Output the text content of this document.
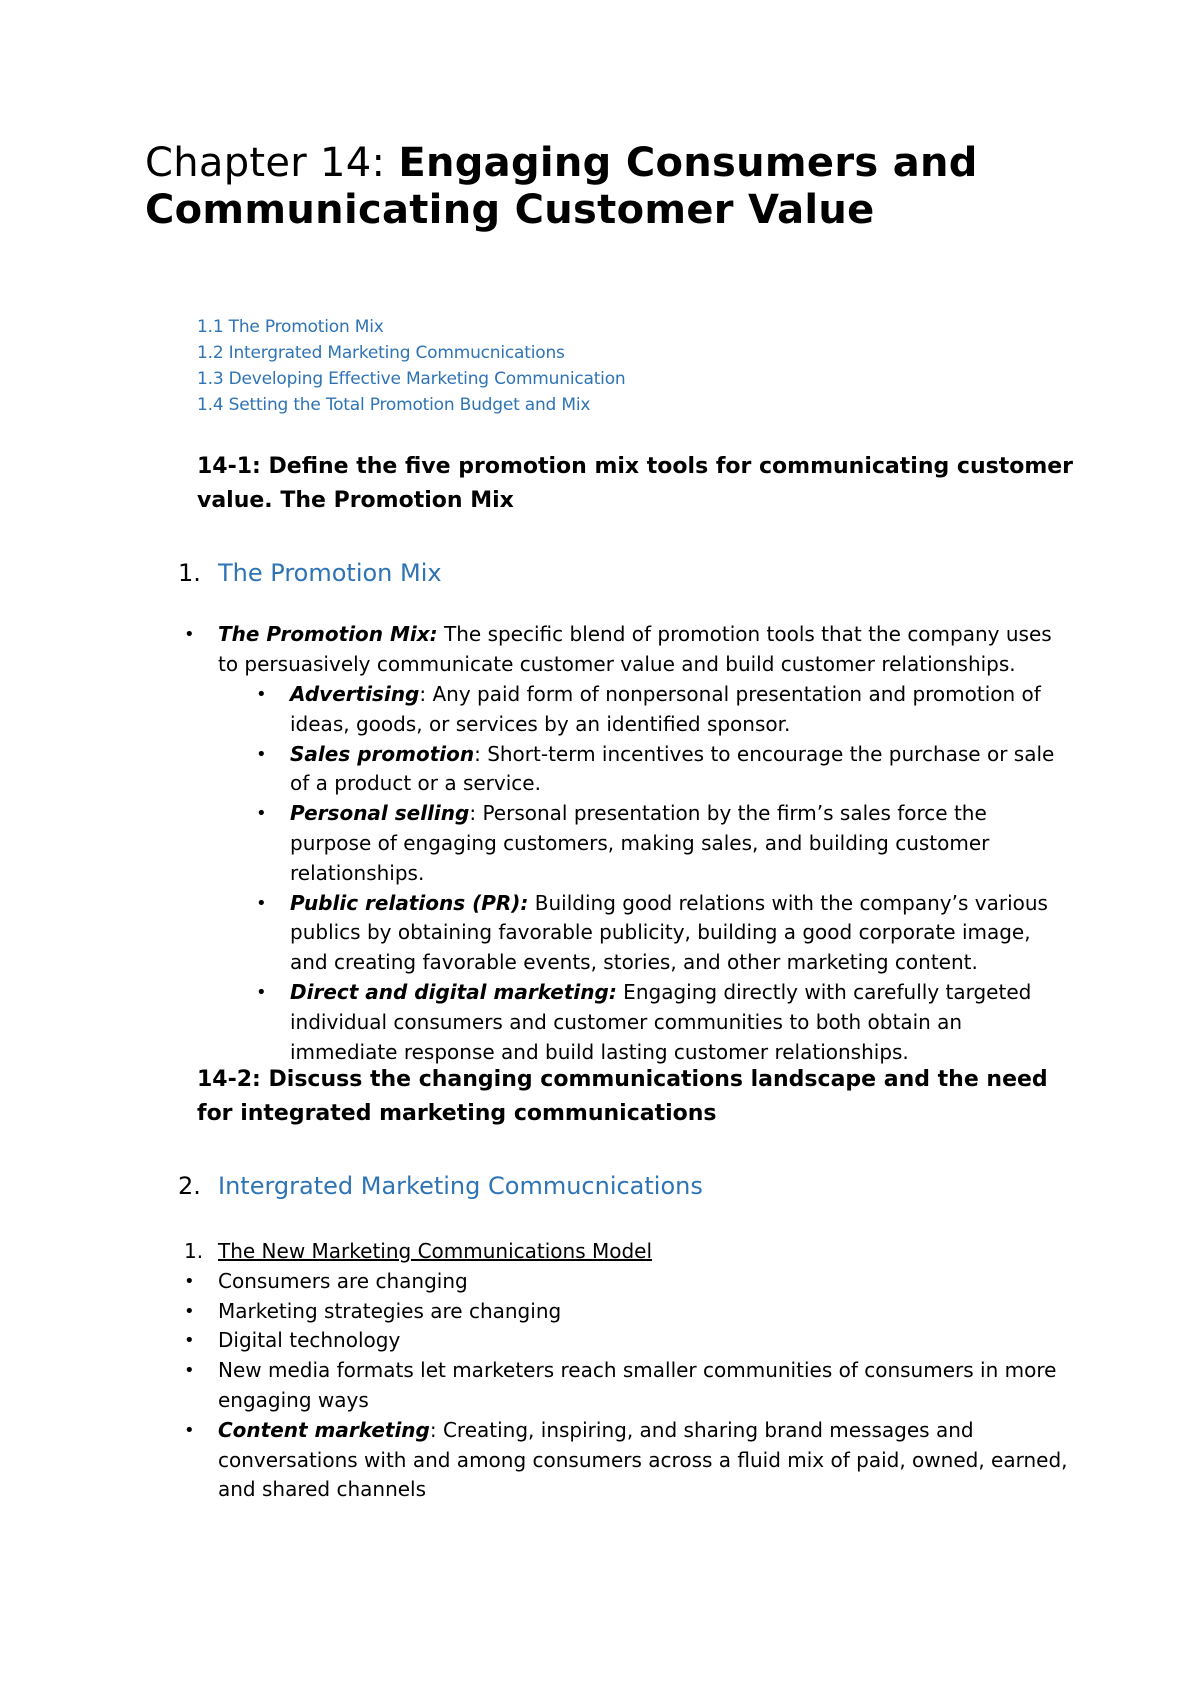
Chapter 14: Engaging Consumers and Communicating Customer Value
1.1 The Promotion Mix
1.2 Intergrated Marketing Commucnications
1.3 Developing Effective Marketing Communication
1.4 Setting the Total Promotion Budget and Mix
14-1: Define the five promotion mix tools for communicating customer value. The Promotion Mix
1. The Promotion Mix
• The Promotion Mix: The specific blend of promotion tools that the company uses to persuasively communicate customer value and build customer relationships.
• Advertising: Any paid form of nonpersonal presentation and promotion of ideas, goods, or services by an identified sponsor.
• Sales promotion: Short-term incentives to encourage the purchase or sale of a product or a service.
• Personal selling: Personal presentation by the firm’s sales force the purpose of engaging customers, making sales, and building customer relationships.
• Public relations (PR): Building good relations with the company’s various publics by obtaining favorable publicity, building a good corporate image, and creating favorable events, stories, and other marketing content.
• Direct and digital marketing: Engaging directly with carefully targeted individual consumers and customer communities to both obtain an immediate response and build lasting customer relationships.
14-2: Discuss the changing communications landscape and the need for integrated marketing communications
2. Intergrated Marketing Commucnications
1. The New Marketing Communications Model
• Consumers are changing
• Marketing strategies are changing
• Digital technology
• New media formats let marketers reach smaller communities of consumers in more engaging ways
• Content marketing: Creating, inspiring, and sharing brand messages and conversations with and among consumers across a fluid mix of paid, owned, earned, and shared channels
